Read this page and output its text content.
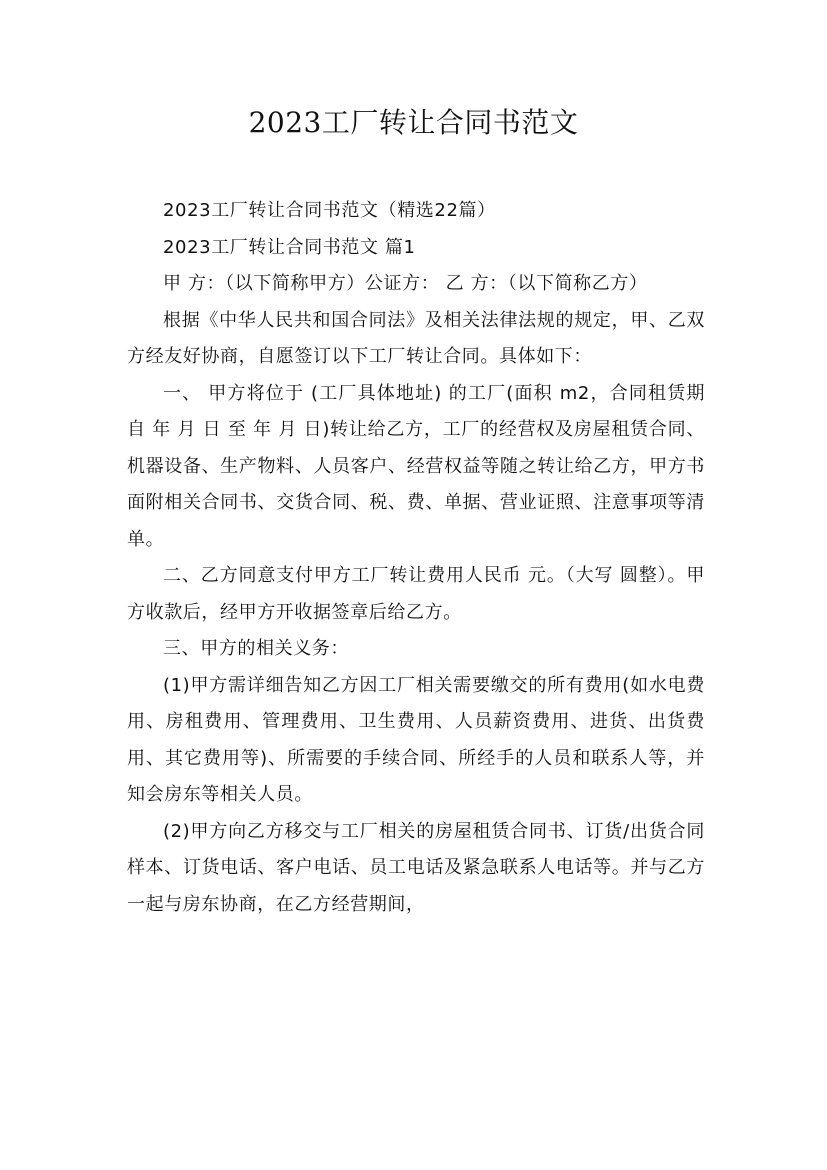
2023工厂转让合同书范文

2023工厂转让合同书范文（精选22篇）

2023工厂转让合同书范文 篇1

甲 方：（以下简称甲方）公证方： 乙 方：（以下简称乙方）

根据《中华人民共和国合同法》及相关法律法规的规定，甲、乙双方经友好协商，自愿签订以下工厂转让合同。具体如下：

一、 甲方将位于 (工厂具体地址) 的工厂(面积 m2，合同租赁期自 年 月 日 至 年 月 日)转让给乙方，工厂的经营权及房屋租赁合同、机器设备、生产物料、人员客户、经营权益等随之转让给乙方，甲方书面附相关合同书、交货合同、税、费、单据、营业证照、注意事项等清单。

二、乙方同意支付甲方工厂转让费用人民币 元。（大写 圆整）。甲方收款后，经甲方开收据签章后给乙方。

三、甲方的相关义务：

(1)甲方需详细告知乙方因工厂相关需要缴交的所有费用(如水电费用、房租费用、管理费用、卫生费用、人员薪资费用、进货、出货费用、其它费用等)、所需要的手续合同、所经手的人员和联系人等，并知会房东等相关人员。

(2)甲方向乙方移交与工厂相关的房屋租赁合同书、订货/出货合同样本、订货电话、客户电话、员工电话及紧急联系人电话等。并与乙方一起与房东协商，在乙方经营期间，
